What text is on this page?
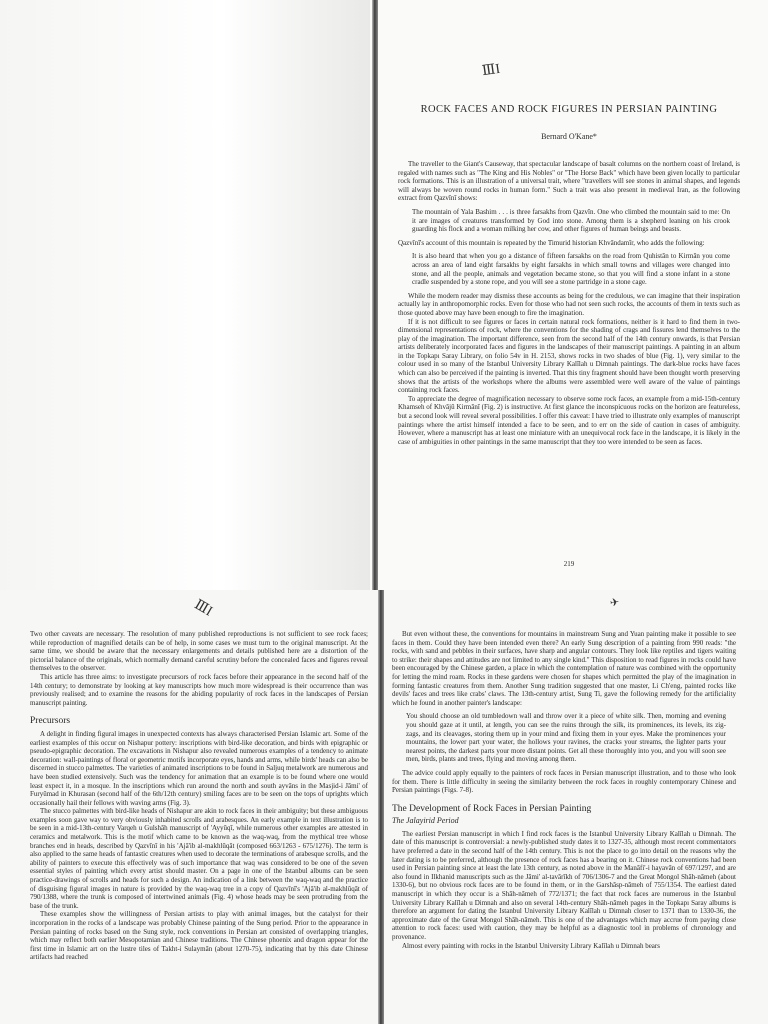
ⅢI
ROCK FACES AND ROCK FIGURES IN PERSIAN PAINTING
Bernard O'Kane*

The traveller to the Giant's Causeway, that spectacular landscape of basalt columns on the northern coast of Ireland, is regaled with names such as "The King and His Nobles" or "The Horse Back" which have been given locally to particular rock formations. This is an illustration of a universal trait, where "travellers will see stones in animal shapes, and legends will always be woven round rocks in human form." Such a trait was also present in medieval Iran, as the following extract from Qazvīnī shows:

The mountain of Yala Bashim . . . is three farsakhs from Qazvīn. One who climbed the mountain said to me: On it are images of creatures transformed by God into stone. Among them is a shepherd leaning on his crook guarding his flock and a woman milking her cow, and other figures of human beings and beasts.

Qazvīnī's account of this mountain is repeated by the Timurid historian Khvāndamīr, who adds the following:

It is also heard that when you go a distance of fifteen farsakhs on the road from Quhistān to Kirmān you come across an area of land eight farsakhs by eight farsakhs in which small towns and villages were changed into stone, and all the people, animals and vegetation became stone, so that you will find a stone infant in a stone cradle suspended by a stone rope, and you will see a stone partridge in a stone cage.

While the modern reader may dismiss these accounts as being for the credulous, we can imagine that their inspiration actually lay in anthropomorphic rocks. Even for those who had not seen such rocks, the accounts of them in texts such as those quoted above may have been enough to fire the imagination.

If it is not difficult to see figures or faces in certain natural rock formations, neither is it hard to find them in two-dimensional representations of rock, where the conventions for the shading of crags and fissures lend themselves to the play of the imagination. The important difference, seen from the second half of the 14th century onwards, is that Persian artists deliberately incorporated faces and figures in the landscapes of their manuscript paintings. A painting in an album in the Topkapı Saray Library, on folio 54v in H. 2153, shows rocks in two shades of blue (Fig. 1), very similar to the colour used in so many of the Istanbul University Library Kalīlah u Dimnah paintings. The dark-blue rocks have faces which can also be perceived if the painting is inverted. That this tiny fragment should have been thought worth preserving shows that the artists of the workshops where the albums were assembled were well aware of the value of paintings containing rock faces.

To appreciate the degree of magnification necessary to observe some rock faces, an example from a mid-15th-century Khamseh of Khvājū Kirmānī (Fig. 2) is instructive. At first glance the inconspicuous rocks on the horizon are featureless, but a second look will reveal several possibilities. I offer this caveat: I have tried to illustrate only examples of manuscript paintings where the artist himself intended a face to be seen, and to err on the side of caution in cases of ambiguity. However, where a manuscript has at least one miniature with an unequivocal rock face in the landscape, it is likely in the case of ambiguities in other paintings in the same manuscript that they too were intended to be seen as faces.

219
ⅢI	✈

Two other caveats are necessary. The resolution of many published reproductions is not sufficient to see rock faces; while reproduction of magnified details can be of help, in some cases we must turn to the original manuscript. At the same time, we should be aware that the necessary enlargements and details published here are a distortion of the pictorial balance of the originals, which normally demand careful scrutiny before the concealed faces and figures reveal themselves to the observer.

This article has three aims: to investigate precursors of rock faces before their appearance in the second half of the 14th century; to demonstrate by looking at key manuscripts how much more widespread is their occurrence than was previously realised; and to examine the reasons for the abiding popularity of rock faces in the landscapes of Persian manuscript painting.

Precursors

A delight in finding figural images in unexpected contexts has always characterised Persian Islamic art. Some of the earliest examples of this occur on Nishapur pottery: inscriptions with bird-like decoration, and birds with epigraphic or pseudo-epigraphic decoration. The excavations in Nishapur also revealed numerous examples of a tendency to animate decoration: wall-paintings of floral or geometric motifs incorporate eyes, hands and arms, while birds' heads can also be discerned in stucco palmettes. The varieties of animated inscriptions to be found in Saljuq metalwork are numerous and have been studied extensively. Such was the tendency for animation that an example is to be found where one would least expect it, in a mosque. In the inscriptions which run around the north and south ayvāns in the Masjid-i Jāmi' of Furyūmad in Khurasan (second half of the 6th/12th century) smiling faces are to be seen on the tops of uprights which occasionally hail their fellows with waving arms (Fig. 3).

The stucco palmettes with bird-like heads of Nishapur are akin to rock faces in their ambiguity; but these ambiguous examples soon gave way to very obviously inhabited scrolls and arabesques. An early example in text illustration is to be seen in a mid-13th-century Varqeh u Gulshāh manuscript of 'Ayyūqī, while numerous other examples are attested in ceramics and metalwork. This is the motif which came to be known as the waq-waq, from the mythical tree whose branches end in heads, described by Qazvīnī in his 'Ajā'ib al-makhlūqāt (composed 663/1263 - 675/1276). The term is also applied to the same heads of fantastic creatures when used to decorate the terminations of arabesque scrolls, and the ability of painters to execute this effectively was of such importance that waq was considered to be one of the seven essential styles of painting which every artist should master. On a page in one of the Istanbul albums can be seen practice-drawings of scrolls and heads for such a design. An indication of a link between the waq-waq and the practice of disguising figural images in nature is provided by the waq-waq tree in a copy of Qazvīnī's 'Ajā'ib al-makhlūqāt of 790/1388, where the trunk is composed of intertwined animals (Fig. 4) whose heads may be seen protruding from the base of the trunk.

These examples show the willingness of Persian artists to play with animal images, but the catalyst for their incorporation in the rocks of a landscape was probably Chinese painting of the Sung period. Prior to the appearance in Persian painting of rocks based on the Sung style, rock conventions in Persian art consisted of overlapping triangles, which may reflect both earlier Mesopotamian and Chinese traditions. The Chinese phoenix and dragon appear for the first time in Islamic art on the lustre tiles of Takht-i Sulaymān (about 1270-75), indicating that by this date Chinese artifacts had reached

But even without these, the conventions for mountains in mainstream Sung and Yuan painting make it possible to see faces in them. Could they have been intended even there? An early Sung description of a painting from 990 reads: "the rocks, with sand and pebbles in their surfaces, have sharp and angular contours. They look like reptiles and tigers waiting to strike: their shapes and attitudes are not limited to any single kind." This disposition to read figures in rocks could have been encouraged by the Chinese garden, a place in which the contemplation of nature was combined with the opportunity for letting the mind roam. Rocks in these gardens were chosen for shapes which permitted the play of the imagination in forming fantastic creatures from them. Another Sung tradition suggested that one master, Li Ch'eng, painted rocks like devils' faces and trees like crabs' claws. The 13th-century artist, Sung Ti, gave the following remedy for the artificiality which he found in another painter's landscape:

You should choose an old tumbledown wall and throw over it a piece of white silk. Then, morning and evening you should gaze at it until, at length, you can see the ruins through the silk, its prominences, its levels, its zig-zags, and its cleavages, storing them up in your mind and fixing them in your eyes. Make the prominences your mountains, the lower part your water, the hollows your ravines, the cracks your streams, the lighter parts your nearest points, the darkest parts your more distant points. Get all these thoroughly into you, and you will soon see men, birds, plants and trees, flying and moving among them.

The advice could apply equally to the painters of rock faces in Persian manuscript illustration, and to those who look for them. There is little difficulty in seeing the similarity between the rock faces in roughly contemporary Chinese and Persian paintings (Figs. 7-8).

The Development of Rock Faces in Persian Painting
The Jalayirid Period

The earliest Persian manuscript in which I find rock faces is the Istanbul University Library Kalīlah u Dimnah. The date of this manuscript is controversial: a newly-published study dates it to 1327-35, although most recent commentators have preferred a date in the second half of the 14th century. This is not the place to go into detail on the reasons why the later dating is to be preferred, although the presence of rock faces has a bearing on it. Chinese rock conventions had been used in Persian painting since at least the late 13th century, as noted above in the Manāfi'-i hayavān of 697/1297, and are also found in Ilkhanid manuscripts such as the Jāmi' al-tavārīkh of 706/1306-7 and the Great Mongol Shāh-nāmeh (about 1330-6), but no obvious rock faces are to be found in them, or in the Garshāsp-nāmeh of 755/1354. The earliest dated manuscript in which they occur is a Shāh-nāmeh of 772/1371; the fact that rock faces are numerous in the Istanbul University Library Kalīlah u Dimnah and also on several 14th-century Shāh-nāmeh pages in the Topkapı Saray albums is therefore an argument for dating the Istanbul University Library Kalīlah u Dimnah closer to 1371 than to 1330-36, the approximate date of the Great Mongol Shāh-nāmeh. This is one of the advantages which may accrue from paying close attention to rock faces: used with caution, they may be helpful as a diagnostic tool in problems of chronology and provenance.

Almost every painting with rocks in the Istanbul University Library Kalīlah u Dimnah bears
